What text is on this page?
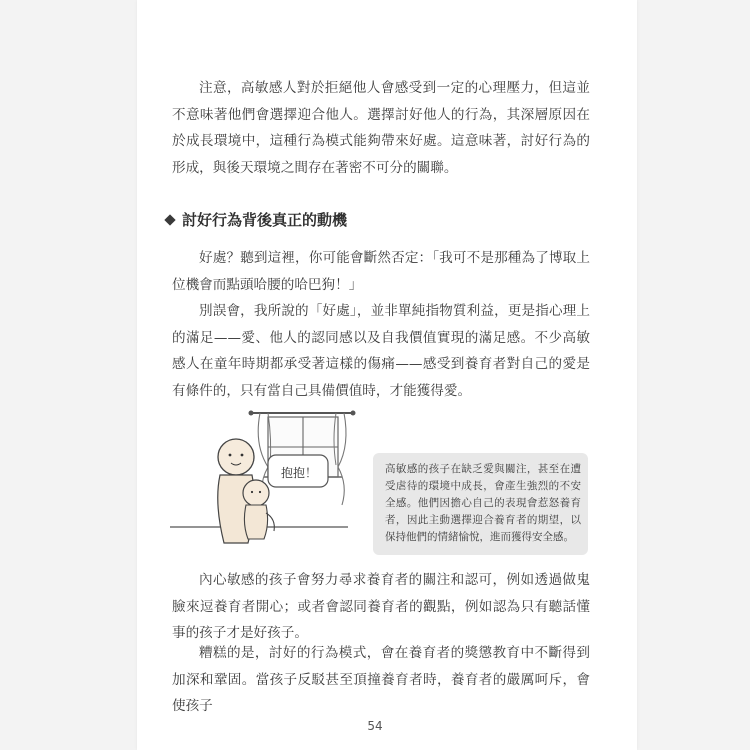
注意，高敏感人對於拒絕他人會感受到一定的心理壓力，但這並不意味著他們會選擇迎合他人。選擇討好他人的行為，其深層原因在於成長環境中，這種行為模式能夠帶來好處。這意味著，討好行為的形成，與後天環境之間存在著密不可分的關聯。

討好行為背後真正的動機

好處？聽到這裡，你可能會斷然否定：「我可不是那種為了博取上位機會而點頭哈腰的哈巴狗！」

別誤會，我所說的「好處」，並非單純指物質利益，更是指心理上的滿足——愛、他人的認同感以及自我價值實現的滿足感。不少高敏感人在童年時期都承受著這樣的傷痛——感受到養育者對自己的愛是有條件的，只有當自己具備價值時，才能獲得愛。

抱抱！	高敏感的孩子在缺乏愛與關注，甚至在遭受虐待的環境中成長，會產生強烈的不安全感。他們因擔心自己的表現會惹怒養育者，因此主動選擇迎合養育者的期望，以保持他們的情緒愉悅，進而獲得安全感。

內心敏感的孩子會努力尋求養育者的關注和認可，例如透過做鬼臉來逗養育者開心；或者會認同養育者的觀點，例如認為只有聽話懂事的孩子才是好孩子。

糟糕的是，討好的行為模式，會在養育者的獎懲教育中不斷得到加深和鞏固。當孩子反駁甚至頂撞養育者時，養育者的嚴厲呵斥，會使孩子

54
